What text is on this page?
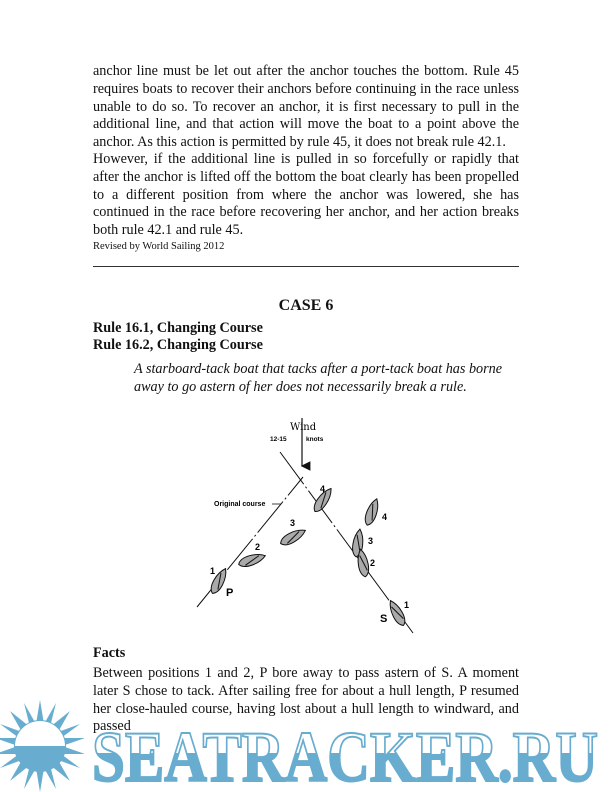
anchor line must be let out after the anchor touches the bottom. Rule 45 requires boats to recover their anchors before continuing in the race unless unable to do so. To recover an anchor, it is first necessary to pull in the additional line, and that action will move the boat to a point above the anchor. As this action is permitted by rule 45, it does not break rule 42.1.

However, if the additional line is pulled in so forcefully or rapidly that after the anchor is lifted off the bottom the boat clearly has been propelled to a different position from where the anchor was lowered, she has continued in the race before recovering her anchor, and her action breaks both rule 42.1 and rule 45.

Revised by World Sailing 2012
CASE 6
Rule 16.1, Changing Course
Rule 16.2, Changing Course

A starboard-tack boat that tacks after a port-tack boat has borne away to go astern of her does not necessarily break a rule.

Wind
12-15	knots
Original course
1
P
2
3
4
4
3
2
1
S
Facts

Between positions 1 and 2, P bore away to pass astern of S. A moment later S chose to tack. After sailing free for about a hull length, P resumed her close-hauled course, having lost about a hull length to windward, and passed

SEATRACKER.RU
